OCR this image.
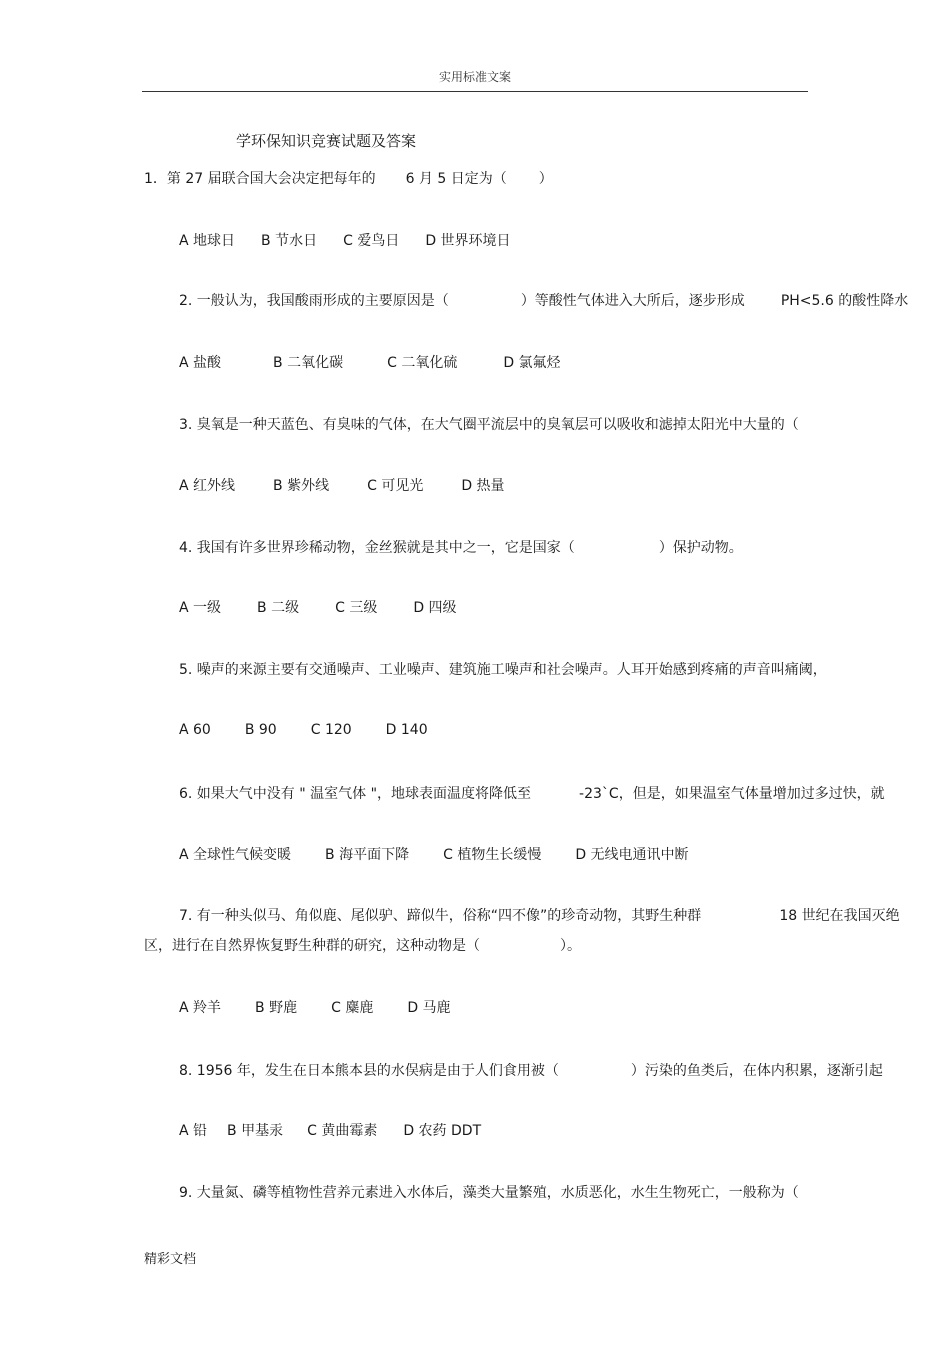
实用标准文案
学环保知识竞赛试题及答案
1．第 27 届联合国大会决定把每年的 6 月 5 日定为（ ）
A 地球日 B 节水日 C 爱鸟日 D 世界环境日
2. 一般认为，我国酸雨形成的主要原因是（	）等酸性气体进入大所后，逐步形成	PH<5.6 的酸性降水
A 盐酸	B 二氧化碳	C 二氧化硫	D 氯氟烃
3. 臭氧是一种天蓝色、有臭味的气体，在大气圈平流层中的臭氧层可以吸收和滤掉太阳光中大量的（
A 红外线	B 紫外线	C 可见光	D 热量
4. 我国有许多世界珍稀动物，金丝猴就是其中之一，它是国家（	）保护动物。
A 一级	B 二级	C 三级	D 四级
5. 噪声的来源主要有交通噪声、工业噪声、建筑施工噪声和社会噪声。人耳开始感到疼痛的声音叫痛阈，
A 60 B 90 C 120 D 140
6. 如果大气中没有 " 温室气体 "，地球表面温度将降低至	-23`C，但是，如果温室气体量增加过多过快，就
A 全球性气候变暖 B 海平面下降 C 植物生长缓慢 D 无线电通讯中断
7. 有一种头似马、角似鹿、尾似驴、蹄似牛，俗称“四不像”的珍奇动物，其野生种群	18 世纪在我国灭绝
区，进行在自然界恢复野生种群的研究，这种动物是（	）。
A 羚羊 B 野鹿 C 麋鹿 D 马鹿
8. 1956 年，发生在日本熊本县的水俣病是由于人们食用被（	）污染的鱼类后，在体内积累，逐渐引起
A 铅 B 甲基汞 C 黄曲霉素 D 农药 DDT
9. 大量氮、磷等植物性营养元素进入水体后，藻类大量繁殖，水质恶化，水生生物死亡，一般称为（
精彩文档
